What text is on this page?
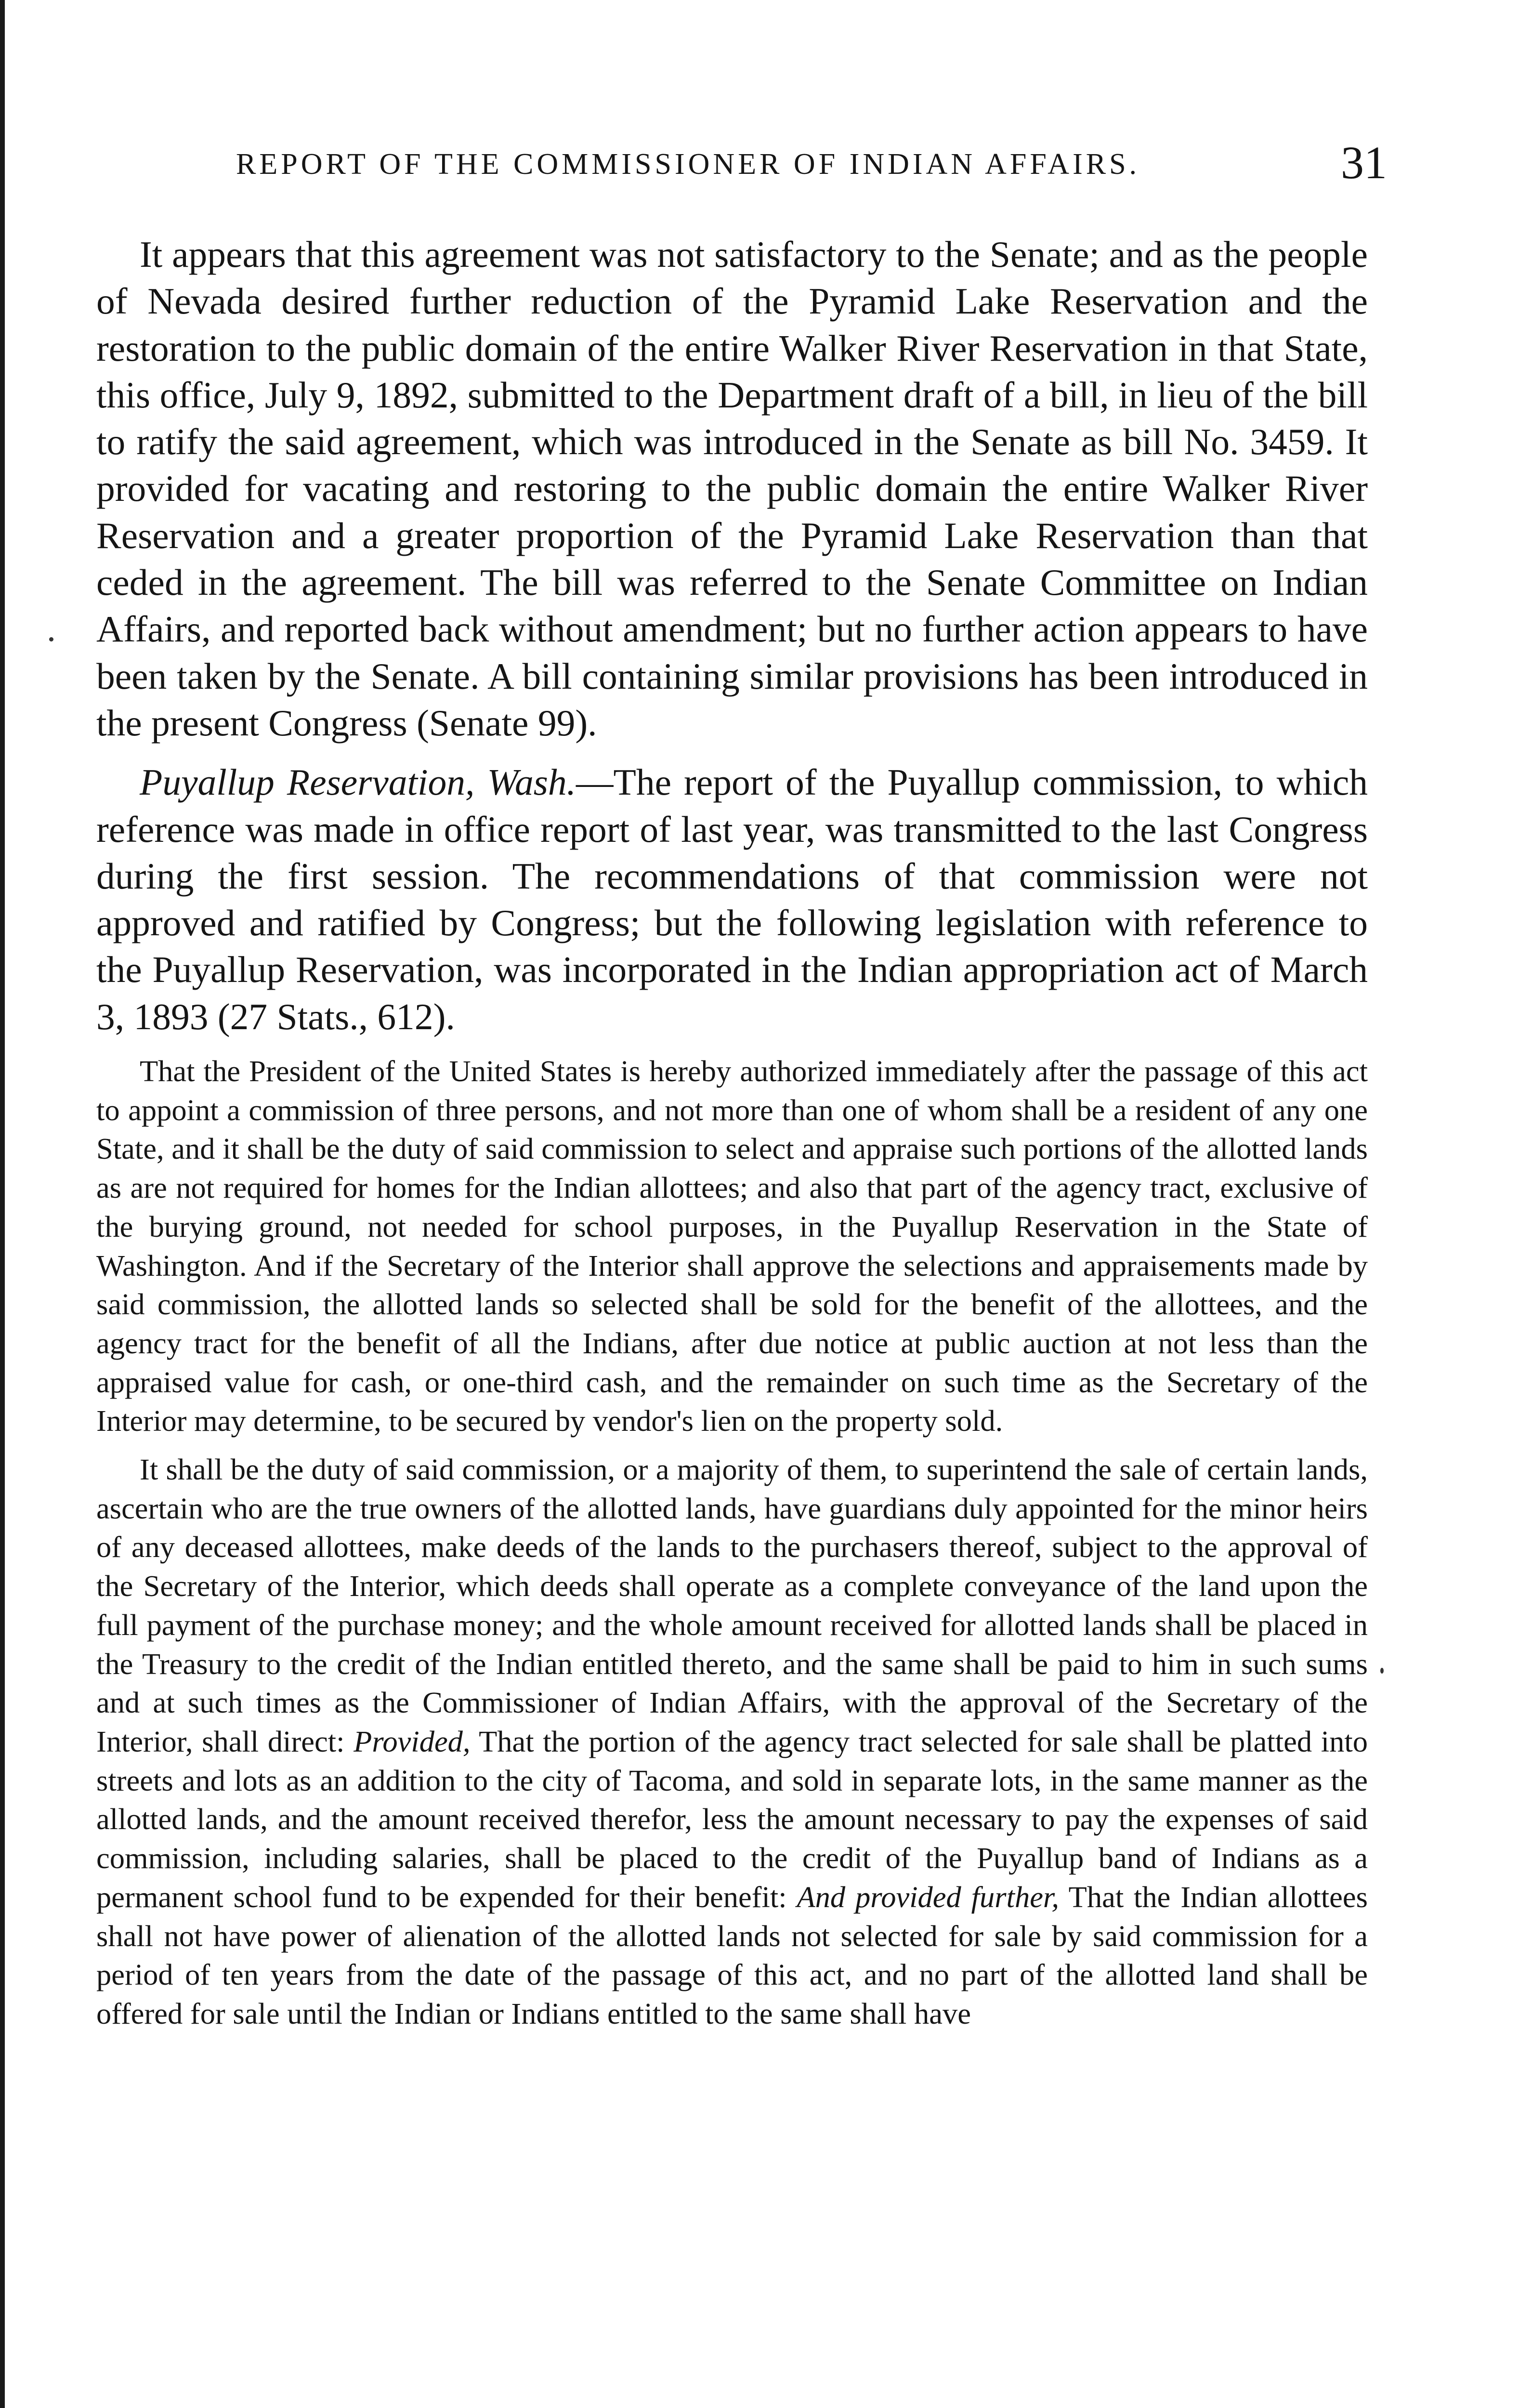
REPORT OF THE COMMISSIONER OF INDIAN AFFAIRS.	31

It appears that this agreement was not satisfactory to the Senate; and as the people of Nevada desired further reduction of the Pyramid Lake Reservation and the restoration to the public domain of the entire Walker River Reservation in that State, this office, July 9, 1892, submitted to the Department draft of a bill, in lieu of the bill to ratify the said agreement, which was introduced in the Senate as bill No. 3459. It provided for vacating and restoring to the public domain the entire Walker River Reservation and a greater proportion of the Pyramid Lake Reservation than that ceded in the agreement. The bill was referred to the Senate Committee on Indian Affairs, and reported back without amendment; but no further action appears to have been taken by the Senate. A bill containing similar provisions has been introduced in the present Congress (Senate 99).

Puyallup Reservation, Wash.—The report of the Puyallup commission, to which reference was made in office report of last year, was transmitted to the last Congress during the first session. The recommendations of that commission were not approved and ratified by Congress; but the following legislation with reference to the Puyallup Reservation, was incorporated in the Indian appropriation act of March 3, 1893 (27 Stats., 612).

That the President of the United States is hereby authorized immediately after the passage of this act to appoint a commission of three persons, and not more than one of whom shall be a resident of any one State, and it shall be the duty of said commission to select and appraise such portions of the allotted lands as are not required for homes for the Indian allottees; and also that part of the agency tract, exclusive of the burying ground, not needed for school purposes, in the Puyallup Reservation in the State of Washington. And if the Secretary of the Interior shall approve the selections and appraisements made by said commission, the allotted lands so selected shall be sold for the benefit of the allottees, and the agency tract for the benefit of all the Indians, after due notice at public auction at not less than the appraised value for cash, or one-third cash, and the remainder on such time as the Secretary of the Interior may determine, to be secured by vendor's lien on the property sold.

It shall be the duty of said commission, or a majority of them, to superintend the sale of certain lands, ascertain who are the true owners of the allotted lands, have guardians duly appointed for the minor heirs of any deceased allottees, make deeds of the lands to the purchasers thereof, subject to the approval of the Secretary of the Interior, which deeds shall operate as a complete conveyance of the land upon the full payment of the purchase money; and the whole amount received for allotted lands shall be placed in the Treasury to the credit of the Indian entitled thereto, and the same shall be paid to him in such sums and at such times as the Commissioner of Indian Affairs, with the approval of the Secretary of the Interior, shall direct: Provided, That the portion of the agency tract selected for sale shall be platted into streets and lots as an addition to the city of Tacoma, and sold in separate lots, in the same manner as the allotted lands, and the amount received therefor, less the amount necessary to pay the expenses of said commission, including salaries, shall be placed to the credit of the Puyallup band of Indians as a permanent school fund to be expended for their benefit: And provided further, That the Indian allottees shall not have power of alienation of the allotted lands not selected for sale by said commission for a period of ten years from the date of the passage of this act, and no part of the allotted land shall be offered for sale until the Indian or Indians entitled to the same shall have
